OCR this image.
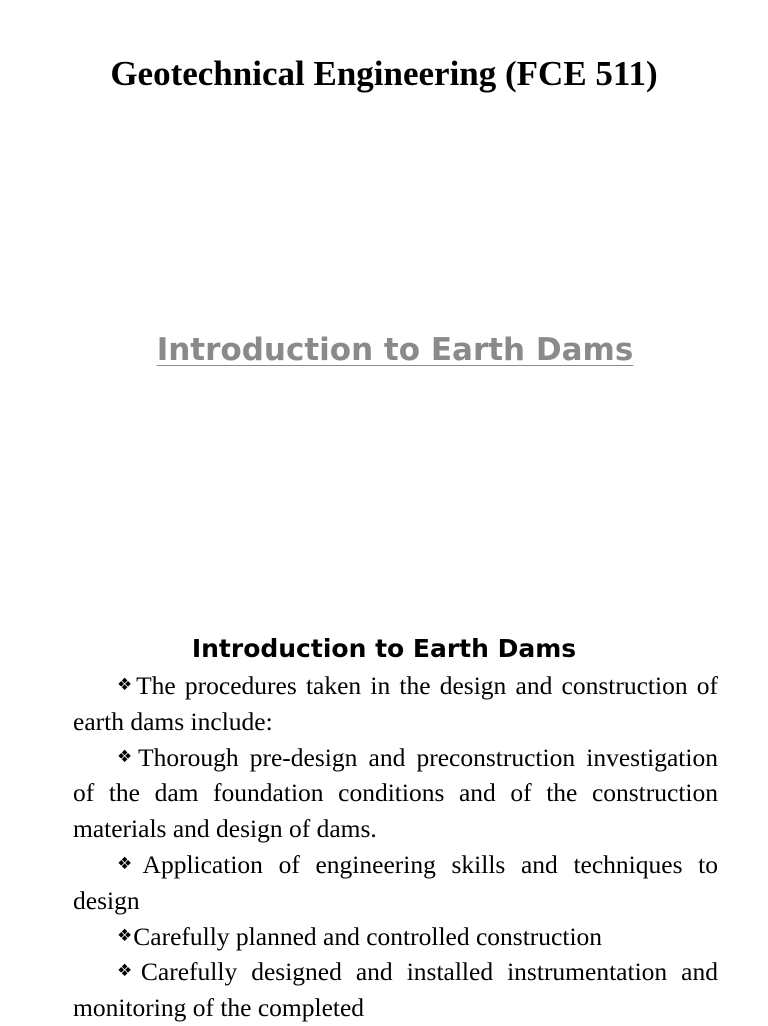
Geotechnical Engineering (FCE 511)
Introduction to Earth Dams
Introduction to Earth Dams
❖The procedures taken in the design and construction of earth dams include:
❖Thorough pre-design and preconstruction investigation of the dam foundation conditions and of the construction materials and design of dams.
❖Application of engineering skills and techniques to design
❖Carefully planned and controlled construction
❖Carefully designed and installed instrumentation and monitoring of the completed
